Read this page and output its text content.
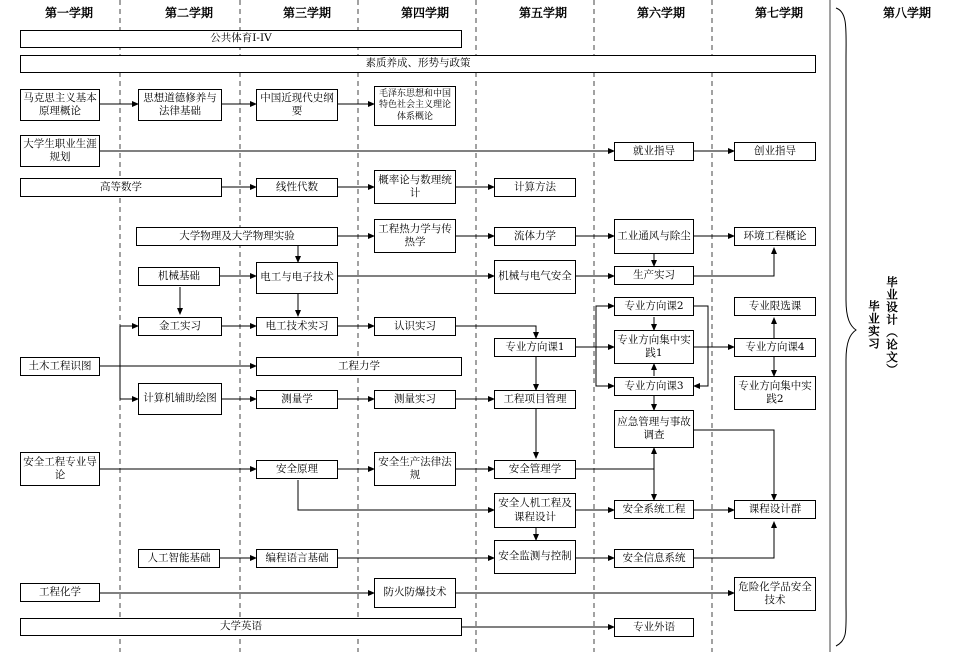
第一学期	第二学期	第三学期	第四学期	第五学期	第六学期	第七学期	第八学期
公共体育I-IV
素质养成、形势与政策
马克思主义基本原理概论
思想道德修养与法律基础
中国近现代史纲要
毛泽东思想和中国特色社会主义理论体系概论
大学生职业生涯规划
就业指导	创业指导
高等数学	线性代数
概率论与数理统计
计算方法
大学物理及大学物理实验
工程热力学与传热学
流体力学	工业通风与除尘	环境工程概论
机械基础	电工与电子技术	机械与电气安全	生产实习
金工实习	电工技术实习	认识实习
专业方向课2	专业限选课
专业方向集中实践1
专业方向课1	专业方向课4
土木工程识图	工程力学
专业方向课3	专业方向集中实践2
计算机辅助绘图	测量学	测量实习	工程项目管理
应急管理与事故调查
安全工程专业导论
安全原理
安全生产法律法规
安全管理学
安全人机工程及课程设计
安全系统工程	课程设计群
人工智能基础	编程语言基础	安全监测与控制	安全信息系统
工程化学	防火防爆技术	危险化学品安全技术
大学英语	专业外语
毕业设计（论文）
毕业实习
